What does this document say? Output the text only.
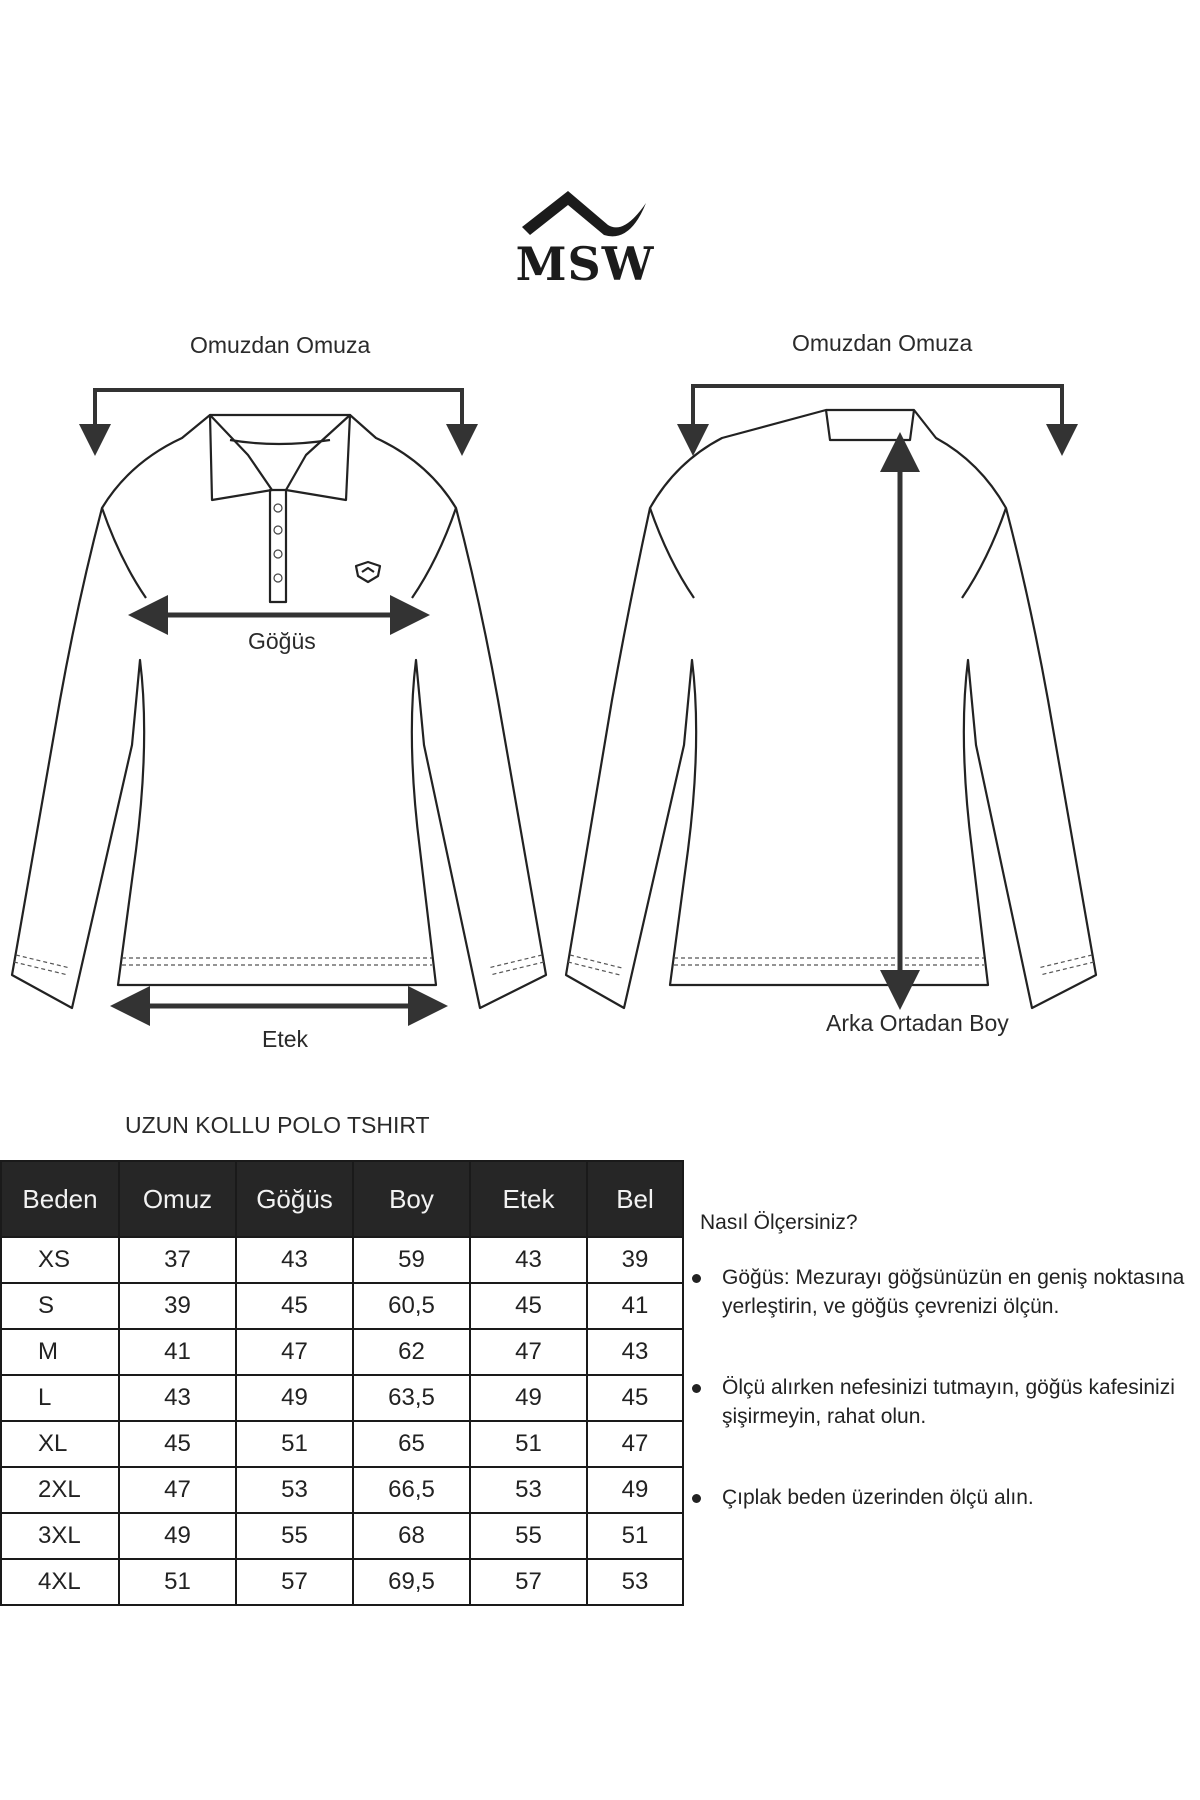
MSW
Omuzdan Omuza	Omuzdan Omuza
Göğüs
Etek
Arka Ortadan Boy
UZUN KOLLU POLO TSHIRT
Beden	Omuz	Göğüs	Boy	Etek	Bel
XS	37	43	59	43	39
S	39	45	60,5	45	41
M	41	47	62	47	43
L	43	49	63,5	49	45
XL	45	51	65	51	47
2XL	47	53	66,5	53	49
3XL	49	55	68	55	51
4XL	51	57	69,5	57	53
Nasıl Ölçersiniz?
Göğüs: Mezurayı göğsünüzün en geniş noktasına yerleştirin, ve göğüs çevrenizi ölçün.
Ölçü alırken nefesinizi tutmayın, göğüs kafesinizi şişirmeyin, rahat olun.
Çıplak beden üzerinden ölçü alın.
